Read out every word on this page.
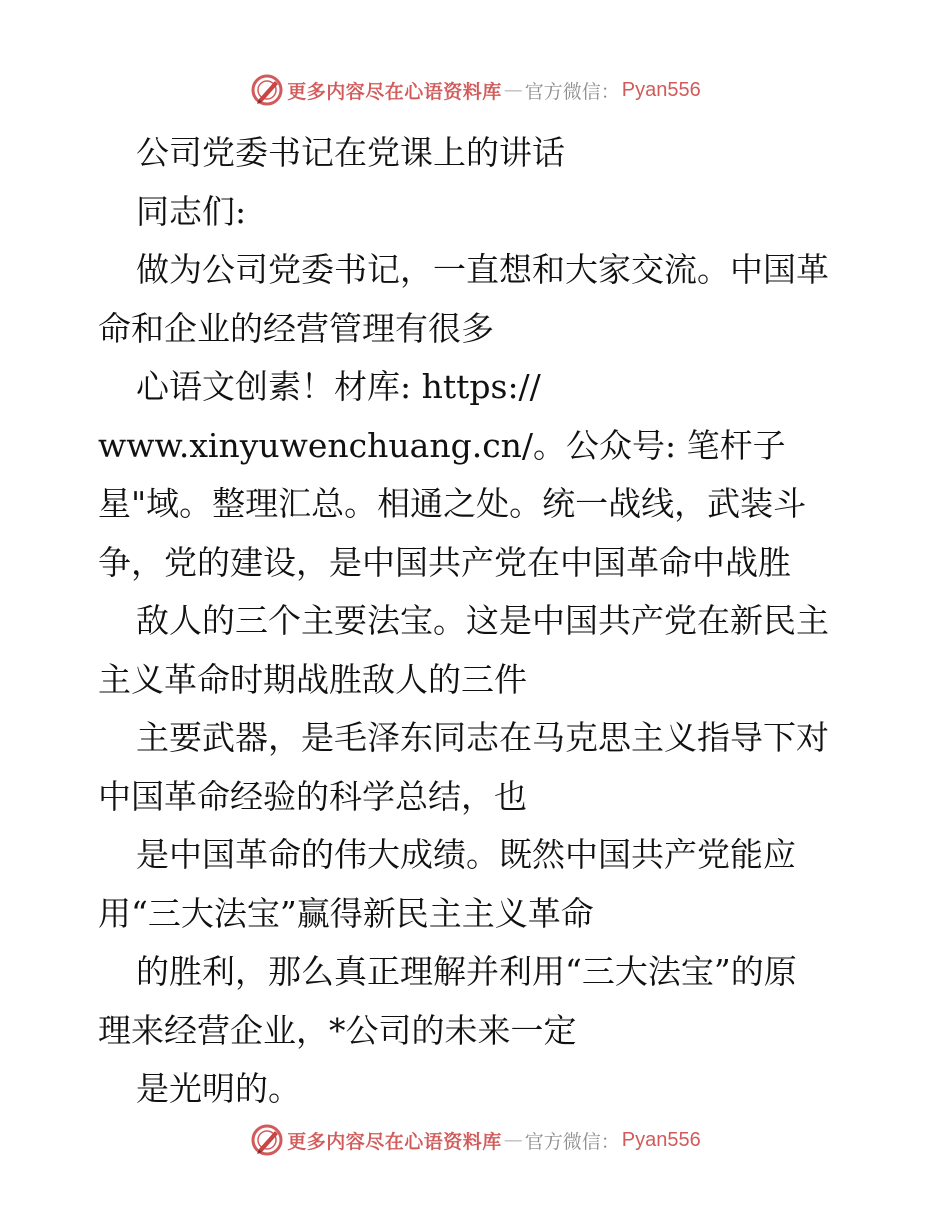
更多内容尽在心语资料库 — 官方微信： Pyan556
公司党委书记在党课上的讲话
同志们:
做为公司党委书记，一直想和大家交流。中国革
命和企业的经营管理有很多
心语文创素！材库: https://
www.xinyuwenchuang.cn/。公众号: 笔杆子
星"域。整理汇总。相通之处。统一战线，武装斗
争，党的建设，是中国共产党在中国革命中战胜
敌人的三个主要法宝。这是中国共产党在新民主
主义革命时期战胜敌人的三件
主要武器，是毛泽东同志在马克思主义指导下对
中国革命经验的科学总结，也
是中国革命的伟大成绩。既然中国共产党能应
用“三大法宝”赢得新民主主义革命
的胜利，那么真正理解并利用“三大法宝”的原
理来经营企业，*公司的未来一定
是光明的。
更多内容尽在心语资料库 — 官方微信： Pyan556
